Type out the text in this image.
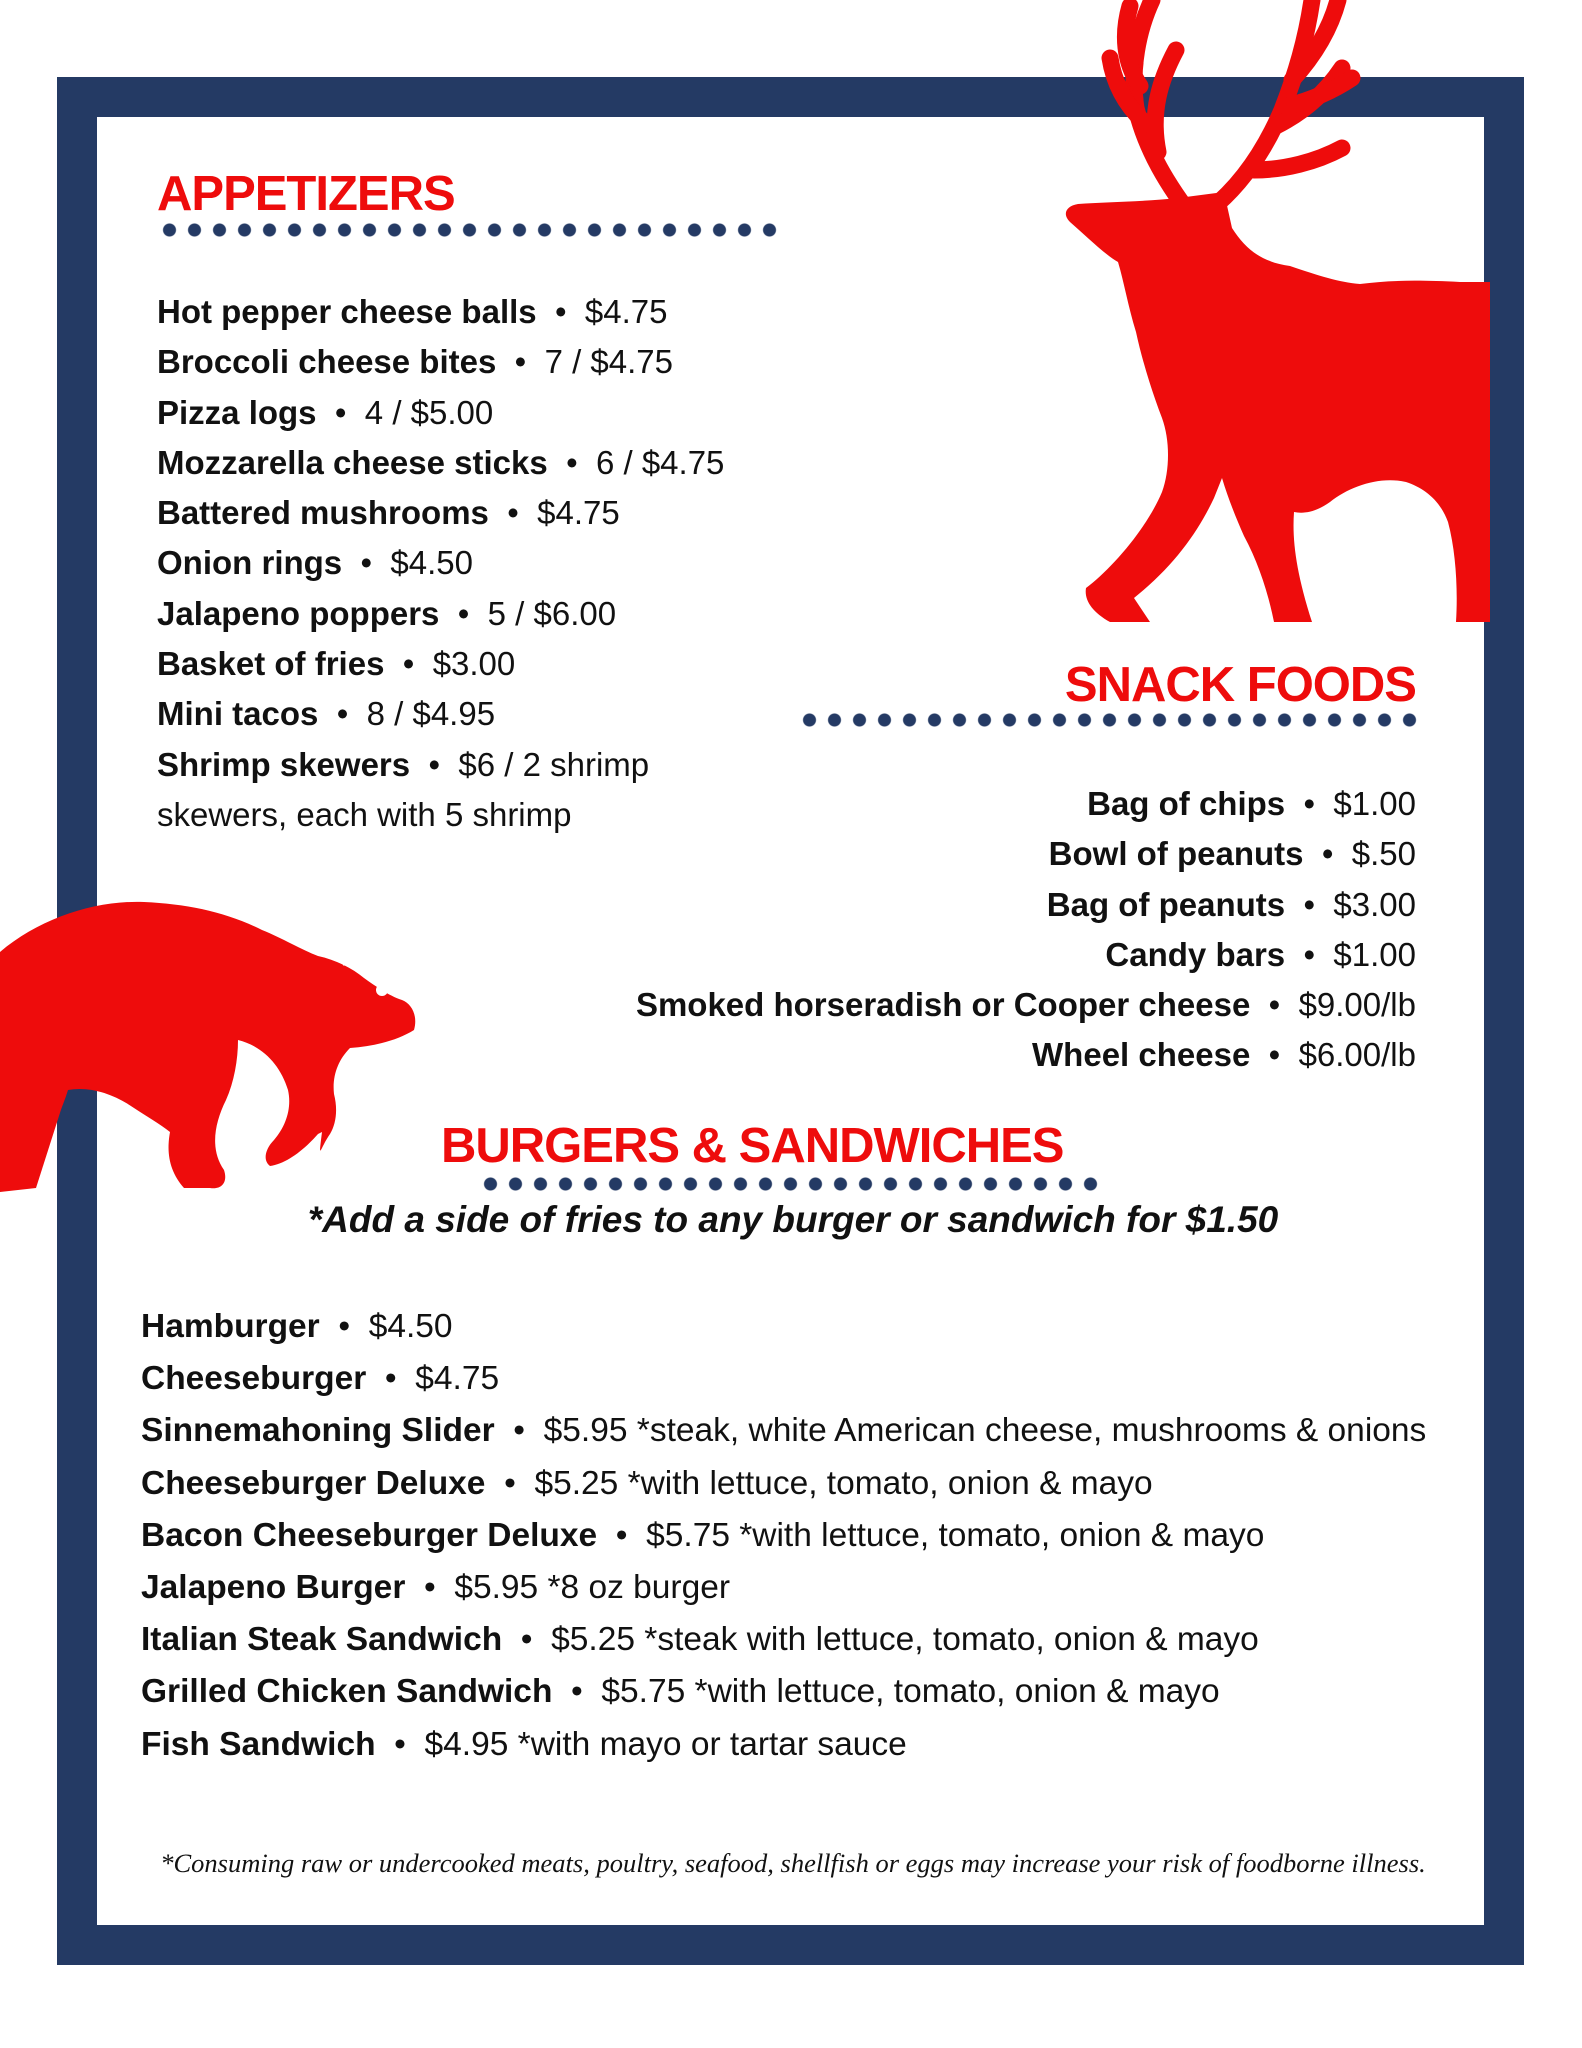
APPETIZERS
Hot pepper cheese balls • $4.75
Broccoli cheese bites • 7 / $4.75
Pizza logs • 4 / $5.00
Mozzarella cheese sticks • 6 / $4.75
Battered mushrooms • $4.75
Onion rings • $4.50
Jalapeno poppers • 5 / $6.00
Basket of fries • $3.00
Mini tacos • 8 / $4.95
Shrimp skewers • $6 / 2 shrimp skewers, each with 5 shrimp
SNACK FOODS
Bag of chips • $1.00
Bowl of peanuts • $.50
Bag of peanuts • $3.00
Candy bars • $1.00
Smoked horseradish or Cooper cheese • $9.00/lb
Wheel cheese • $6.00/lb
BURGERS & SANDWICHES

*Add a side of fries to any burger or sandwich for $1.50

Hamburger • $4.50
Cheeseburger • $4.75
Sinnemahoning Slider • $5.95 *steak, white American cheese, mushrooms & onions
Cheeseburger Deluxe • $5.25 *with lettuce, tomato, onion & mayo
Bacon Cheeseburger Deluxe • $5.75 *with lettuce, tomato, onion & mayo
Jalapeno Burger • $5.95 *8 oz burger
Italian Steak Sandwich • $5.25 *steak with lettuce, tomato, onion & mayo
Grilled Chicken Sandwich • $5.75 *with lettuce, tomato, onion & mayo
Fish Sandwich • $4.95 *with mayo or tartar sauce

*Consuming raw or undercooked meats, poultry, seafood, shellfish or eggs may increase your risk of foodborne illness.
